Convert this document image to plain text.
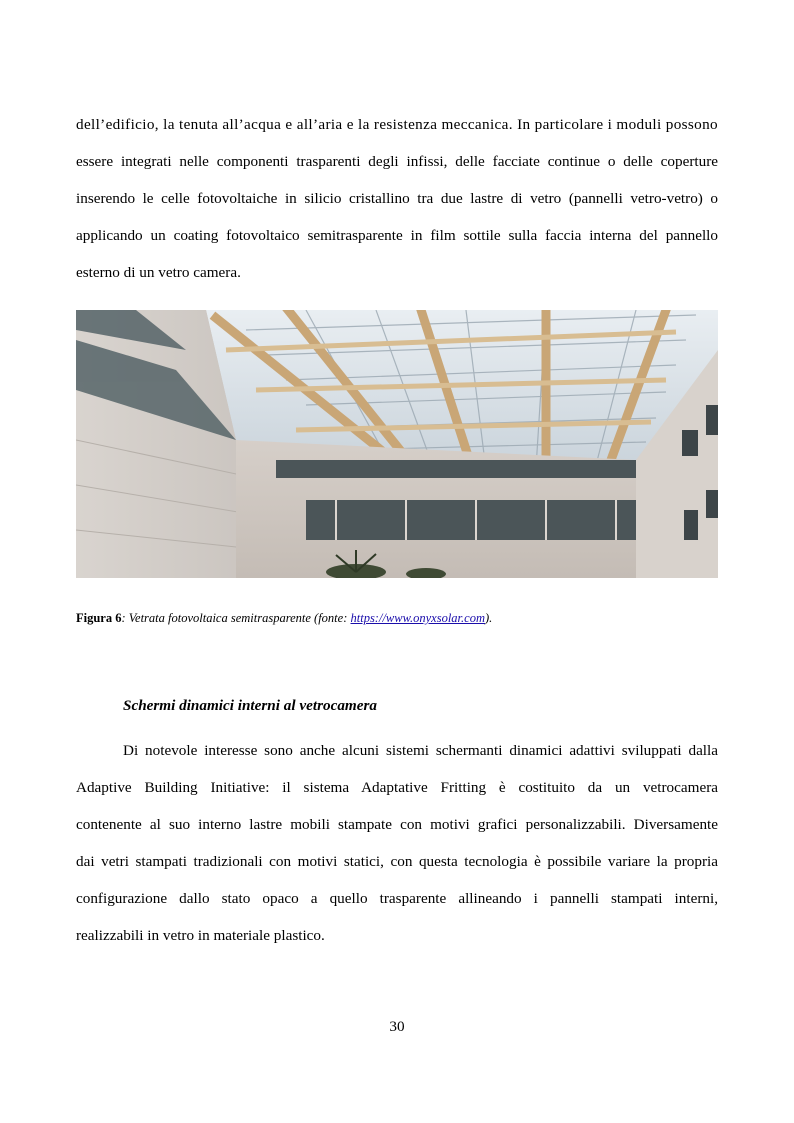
dell’edificio, la tenuta all’acqua e all’aria e la resistenza meccanica. In particolare i moduli possono
essere integrati nelle componenti trasparenti degli infissi, delle facciate continue o delle coperture
inserendo le celle fotovoltaiche in silicio cristallino tra due lastre di vetro (pannelli vetro-vetro) o
applicando un coating fotovoltaico semitrasparente in film sottile sulla faccia interna del pannello
esterno di un vetro camera.

Figura 6: Vetrata fotovoltaica semitrasparente (fonte: https://www.onyxsolar.com).

Schermi dinamici interni al vetrocamera

Di notevole interesse sono anche alcuni sistemi schermanti dinamici adattivi sviluppati dalla
Adaptive Building Initiative: il sistema Adaptative Fritting è costituito da un vetrocamera
contenente al suo interno lastre mobili stampate con motivi grafici personalizzabili. Diversamente
dai vetri stampati tradizionali con motivi statici, con questa tecnologia è possibile variare la propria
configurazione dallo stato opaco a quello trasparente allineando i pannelli stampati interni,
realizzabili in vetro in materiale plastico.
30
